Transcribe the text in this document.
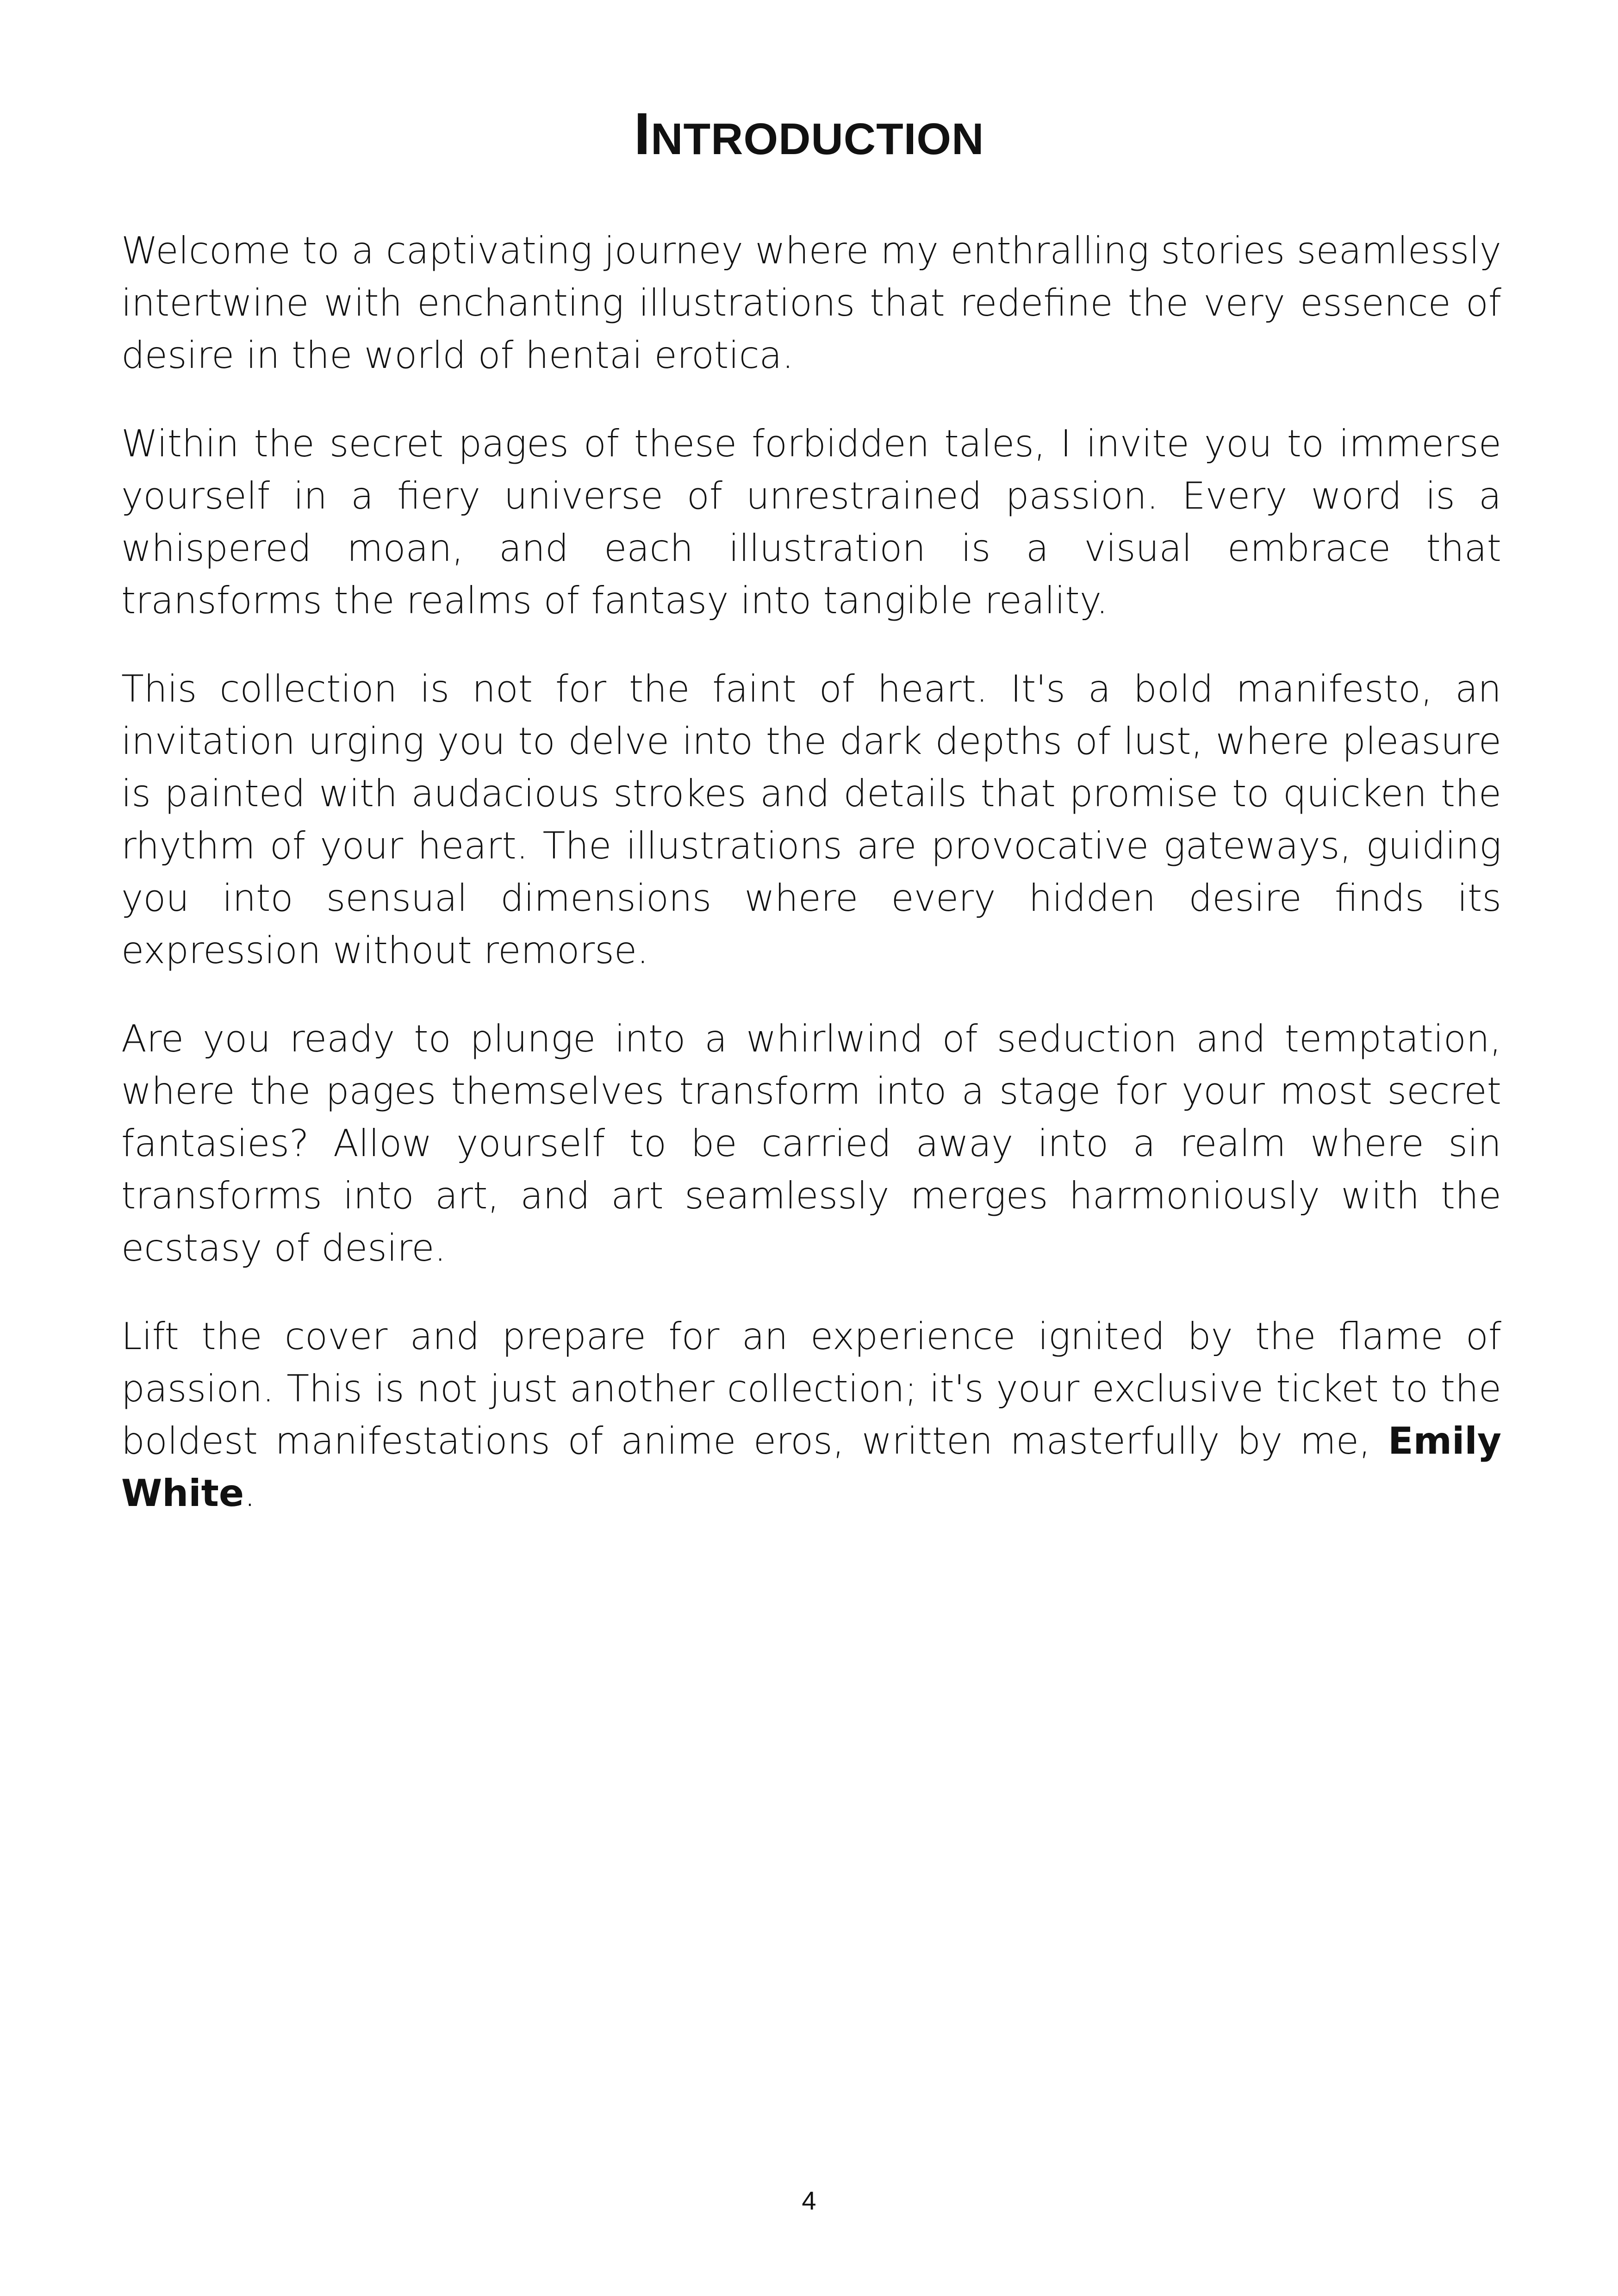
INTRODUCTION

Welcome to a captivating journey where my enthralling stories seamlessly intertwine with enchanting illustrations that redefine the very essence of desire in the world of hentai erotica.

Within the secret pages of these forbidden tales, I invite you to immerse yourself in a fiery universe of unrestrained passion. Every word is a whispered moan, and each illustration is a visual embrace that transforms the realms of fantasy into tangible reality.

This collection is not for the faint of heart. It's a bold manifesto, an invitation urging you to delve into the dark depths of lust, where pleasure is painted with audacious strokes and details that promise to quicken the rhythm of your heart. The illustrations are provocative gateways, guiding you into sensual dimensions where every hidden desire finds its expression without remorse.

Are you ready to plunge into a whirlwind of seduction and temptation, where the pages themselves transform into a stage for your most secret fantasies? Allow yourself to be carried away into a realm where sin transforms into art, and art seamlessly merges harmoniously with the ecstasy of desire.

Lift the cover and prepare for an experience ignited by the flame of passion. This is not just another collection; it's your exclusive ticket to the boldest manifestations of anime eros, written masterfully by me, Emily White.

4
